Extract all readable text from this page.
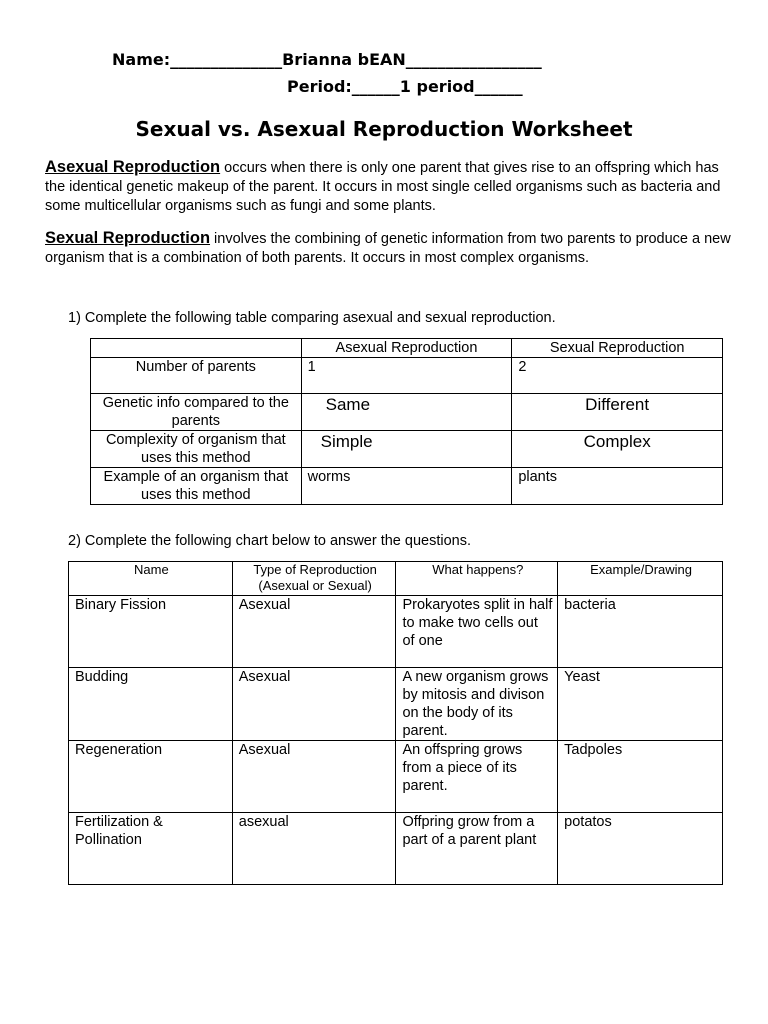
Name:______________Brianna bEAN_________________
Period:______1 period______
Sexual vs. Asexual Reproduction Worksheet
Asexual Reproduction occurs when there is only one parent that gives rise to an offspring which has the identical genetic makeup of the parent. It occurs in most single celled organisms such as bacteria and some multicellular organisms such as fungi and some plants.
Sexual Reproduction involves the combining of genetic information from two parents to produce a new organism that is a combination of both parents. It occurs in most complex organisms.
1) Complete the following table comparing asexual and sexual reproduction.
	Asexual Reproduction	Sexual Reproduction
Number of parents	1	2
Genetic info compared to the parents	Same	Different
Complexity of organism that uses this method	Simple	Complex
Example of an organism that uses this method	worms	plants
2) Complete the following chart below to answer the questions.
Name	Type of Reproduction (Asexual or Sexual)	What happens?	Example/Drawing
Binary Fission	Asexual	Prokaryotes split in half to make two cells out of one	bacteria
Budding	Asexual	A new organism grows by mitosis and divison on the body of its parent.	Yeast
Regeneration	Asexual	An offspring grows from a piece of its parent.	Tadpoles
Fertilization & Pollination	asexual	Offpring grow from a part of a parent plant	potatos
